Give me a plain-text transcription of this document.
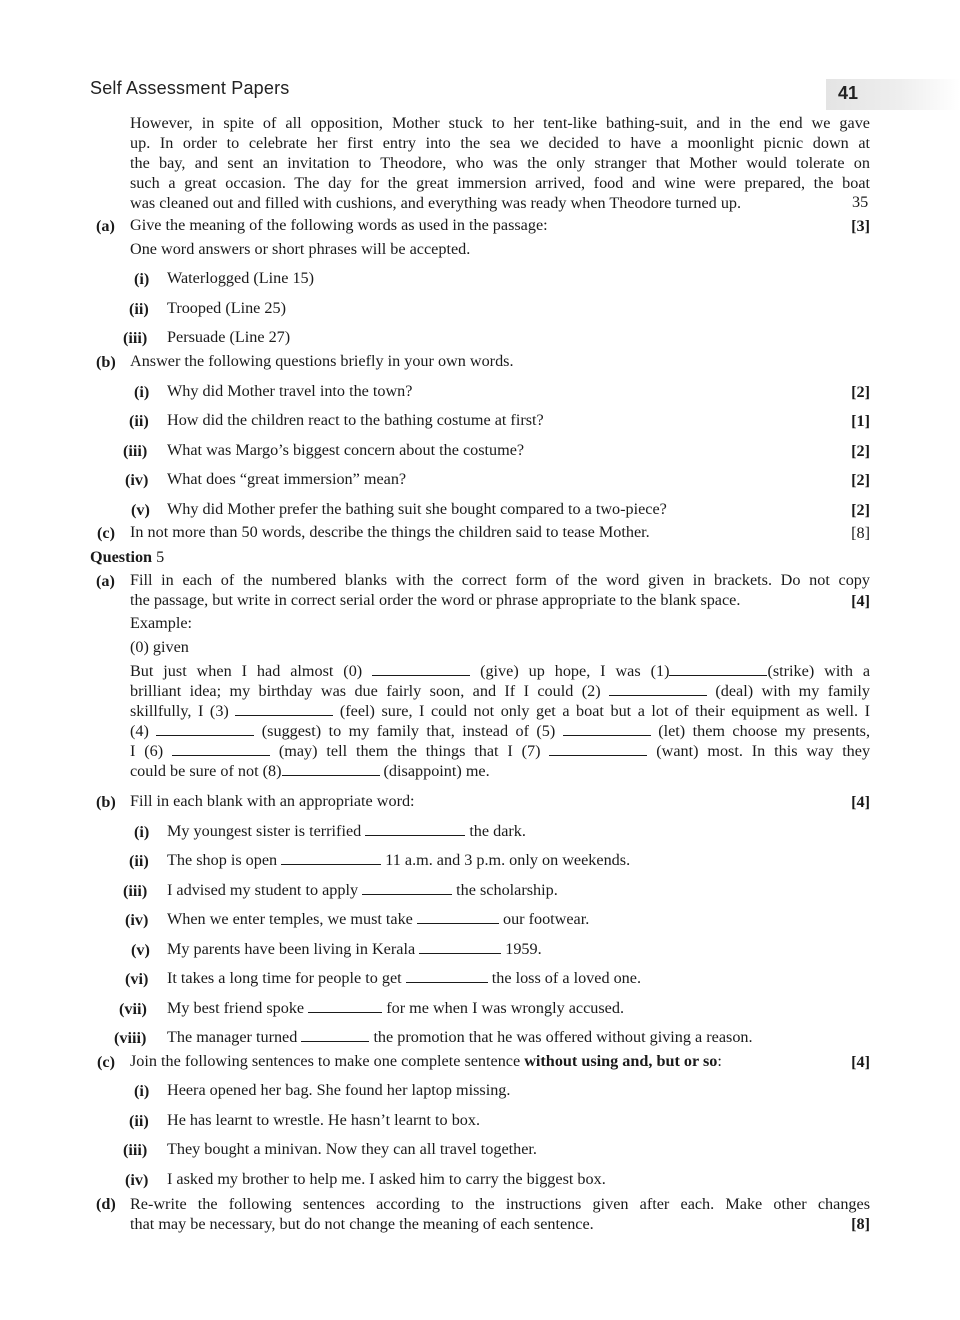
Self Assessment Papers	41
However, in spite of all opposition, Mother stuck to her tent-like bathing-suit, and in the end we gave
up. In order to celebrate her first entry into the sea we decided to have a moonlight picnic down at
the bay, and sent an invitation to Theodore, who was the only stranger that Mother would tolerate on
such a great occasion. The day for the great immersion arrived, food and wine were prepared, the boat
was cleaned out and filled with cushions, and everything was ready when Theodore turned up.	35
(a) Give the meaning of the following words as used in the passage:	[3]
One word answers or short phrases will be accepted.
(i) Waterlogged (Line 15)
(ii) Trooped (Line 25)
(iii) Persuade (Line 27)
(b) Answer the following questions briefly in your own words.
(i) Why did Mother travel into the town?	[2]
(ii) How did the children react to the bathing costume at first?	[1]
(iii) What was Margo’s biggest concern about the costume?	[2]
(iv) What does “great immersion” mean?	[2]
(v) Why did Mother prefer the bathing suit she bought compared to a two-piece?	[2]
(c) In not more than 50 words, describe the things the children said to tease Mother.	[8]
Question 5
(a) Fill in each of the numbered blanks with the correct form of the word given in brackets. Do not copy
the passage, but write in correct serial order the word or phrase appropriate to the blank space.	[4]
Example:
(0) given
But just when I had almost (0)	(give) up hope, I was (1)	(strike) with a
brilliant idea; my birthday was due fairly soon, and If I could (2)	(deal) with my family
skillfully, I (3)	(feel) sure, I could not only get a boat but a lot of their equipment as well. I
(4)	(suggest) to my family that, instead of (5)	(let) them choose my presents,
I (6)	(may) tell them the things that I (7)	(want) most. In this way they
could be sure of not (8)	(disappoint) me.
(b) Fill in each blank with an appropriate word:	[4]
(i) My youngest sister is terrified	the dark.
(ii) The shop is open	11 a.m. and 3 p.m. only on weekends.
(iii) I advised my student to apply	the scholarship.
(iv) When we enter temples, we must take	our footwear.
(v) My parents have been living in Kerala	1959.
(vi) It takes a long time for people to get	the loss of a loved one.
(vii) My best friend spoke	for me when I was wrongly accused.
(viii) The manager turned	the promotion that he was offered without giving a reason.
(c) Join the following sentences to make one complete sentence without using and, but or so:	[4]
(i) Heera opened her bag. She found her laptop missing.
(ii) He has learnt to wrestle. He hasn’t learnt to box.
(iii) They bought a minivan. Now they can all travel together.
(iv) I asked my brother to help me. I asked him to carry the biggest box.
(d) Re-write the following sentences according to the instructions given after each. Make other changes
that may be necessary, but do not change the meaning of each sentence.	[8]
